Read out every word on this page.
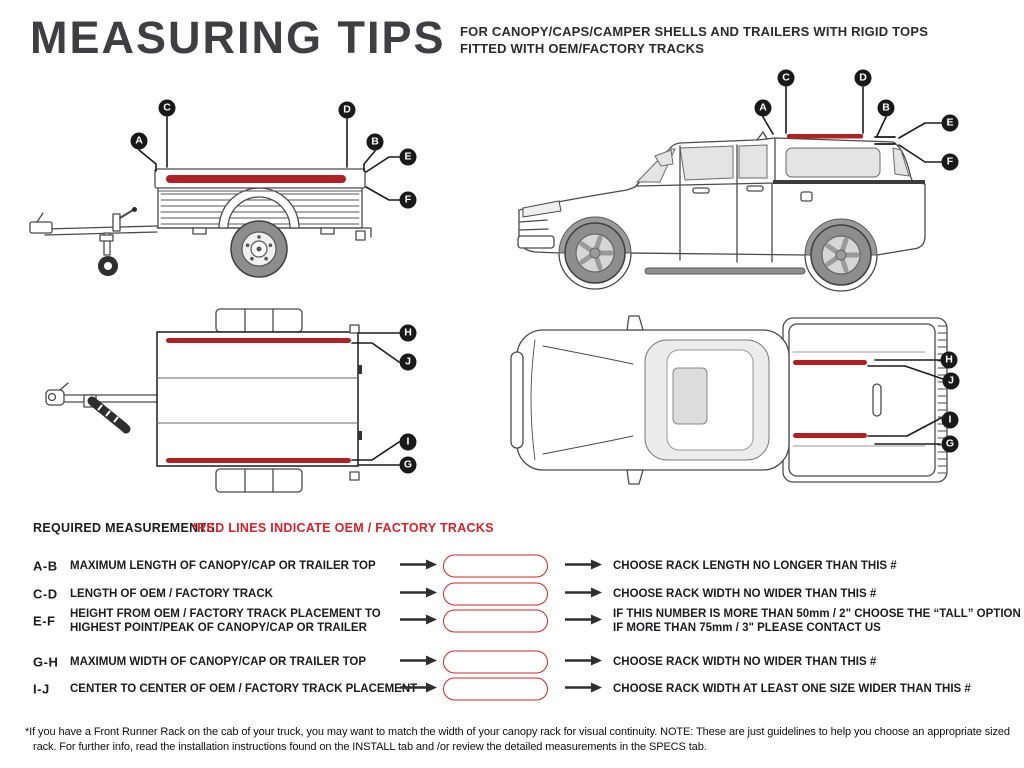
MEASURING TIPS FOR CANOPY/CAPS/CAMPER SHELLS AND TRAILERS WITH RIGID TOPS
FITTED WITH OEM/FACTORY TRACKS
A
C	D
B
E
F
C	D
A	B
E
F
H
J
I
G
H
J
I
G
REQUIRED MEASUREMENTS
*RED LINES INDICATE OEM / FACTORY TRACKS
A-B MAXIMUM LENGTH OF CANOPY/CAP OR TRAILER TOP	CHOOSE RACK LENGTH NO LONGER THAN THIS #
C-D LENGTH OF OEM / FACTORY TRACK	CHOOSE RACK WIDTH NO WIDER THAN THIS #
E-F HEIGHT FROM OEM / FACTORY TRACK PLACEMENT TO
HIGHEST POINT/PEAK OF CANOPY/CAP OR TRAILER
IF THIS NUMBER IS MORE THAN 50mm / 2" CHOOSE THE “TALL” OPTION
IF MORE THAN 75mm / 3" PLEASE CONTACT US
G-H MAXIMUM WIDTH OF CANOPY/CAP OR TRAILER TOP	CHOOSE RACK WIDTH NO WIDER THAN THIS #
I-J CENTER TO CENTER OF OEM / FACTORY TRACK PLACEMENT	CHOOSE RACK WIDTH AT LEAST ONE SIZE WIDER THAN THIS #
*If you have a Front Runner Rack on the cab of your truck, you may want to match the width of your canopy rack for visual continuity. NOTE: These are just guidelines to help you choose an appropriate sized rack. For further info, read the installation instructions found on the INSTALL tab and /or review the detailed measurements in the SPECS tab.
